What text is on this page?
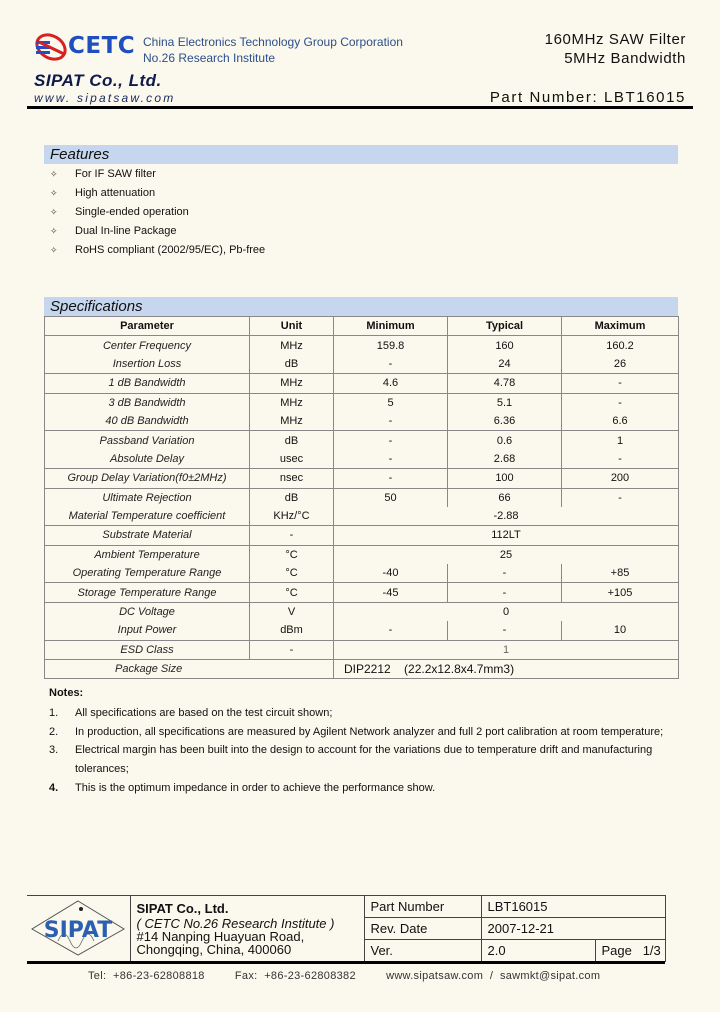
CETC China Electronics Technology Group Corporation
No.26 Research Institute
SIPAT Co., Ltd.
www. sipatsaw.com
160MHz SAW Filter
5MHz Bandwidth
Part Number: LBT16015
Features
✧	For IF SAW filter
✧	High attenuation
✧	Single-ended operation
✧	Dual In-line Package
✧	RoHS compliant (2002/95/EC), Pb-free
Specifications
Parameter	Unit	Minimum	Typical	Maximum
Center Frequency	MHz	159.8	160	160.2
Insertion Loss	dB	-	24	26
1 dB Bandwidth	MHz	4.6	4.78	-
3 dB Bandwidth	MHz	5	5.1	-
40 dB Bandwidth	MHz	-	6.36	6.6
Passband Variation	dB	-	0.6	1
Absolute Delay	usec	-	2.68	-
Group Delay Variation(f0±2MHz)	nsec	-	100	200
Ultimate Rejection	dB	50	66	-
Material Temperature coefficient	KHz/°C	-2.88		
Substrate Material	-	112LT		
Ambient Temperature	°C	25		
Operating Temperature Range	°C	-40	-	+85
Storage Temperature Range	°C	-45	-	+105
DC Voltage	V	0		
Input Power	dBm	-	-	10
ESD Class	-	1		
Package Size		DIP2212    (22.2x12.8x4.7mm3)		
Notes:
1.	All specifications are based on the test circuit shown;
2.	In production, all specifications are measured by Agilent Network analyzer and full 2 port calibration at room temperature;
3.	Electrical margin has been built into the design to account for the variations due to temperature drift and manufacturing tolerances;
4.	This is the optimum impedance in order to achieve the performance show.
SIPAT	SIPAT Co., Ltd.
( CETC No.26 Research Institute )
#14 Nanping Huayuan Road,
Chongqing, China, 400060	Part Number	LBT16015	
		Rev. Date	2007-12-21	
		Ver.	2.0	Page   1/3
Tel:  +86-23-62808818         Fax:  +86-23-62808382         www.sipatsaw.com  /  sawmkt@sipat.com
